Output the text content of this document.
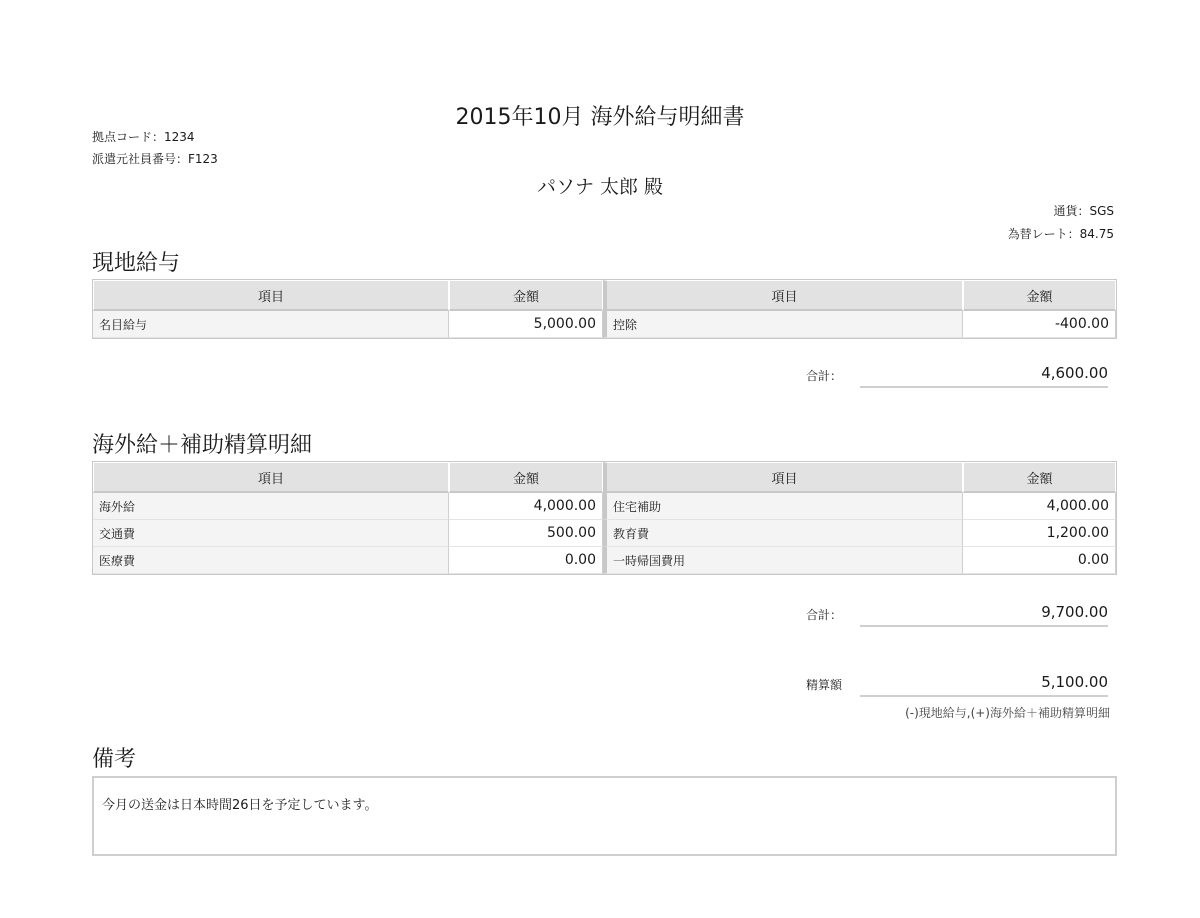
2015年10月 海外給与明細書
拠点コード：1234
派遣元社員番号：F123
パソナ 太郎 殿
通貨：SGS
為替レート：84.75
現地給与
項目	金額	項目	金額
名目給与	5,000.00	控除	-400.00
合計：	4,600.00
海外給＋補助精算明細
項目	金額	項目	金額
海外給	4,000.00	住宅補助	4,000.00
交通費	500.00	教育費	1,200.00
医療費	0.00	一時帰国費用	0.00
合計：	9,700.00
精算額	5,100.00
(-)現地給与,(+)海外給＋補助精算明細
備考
今月の送金は日本時間26日を予定しています。
